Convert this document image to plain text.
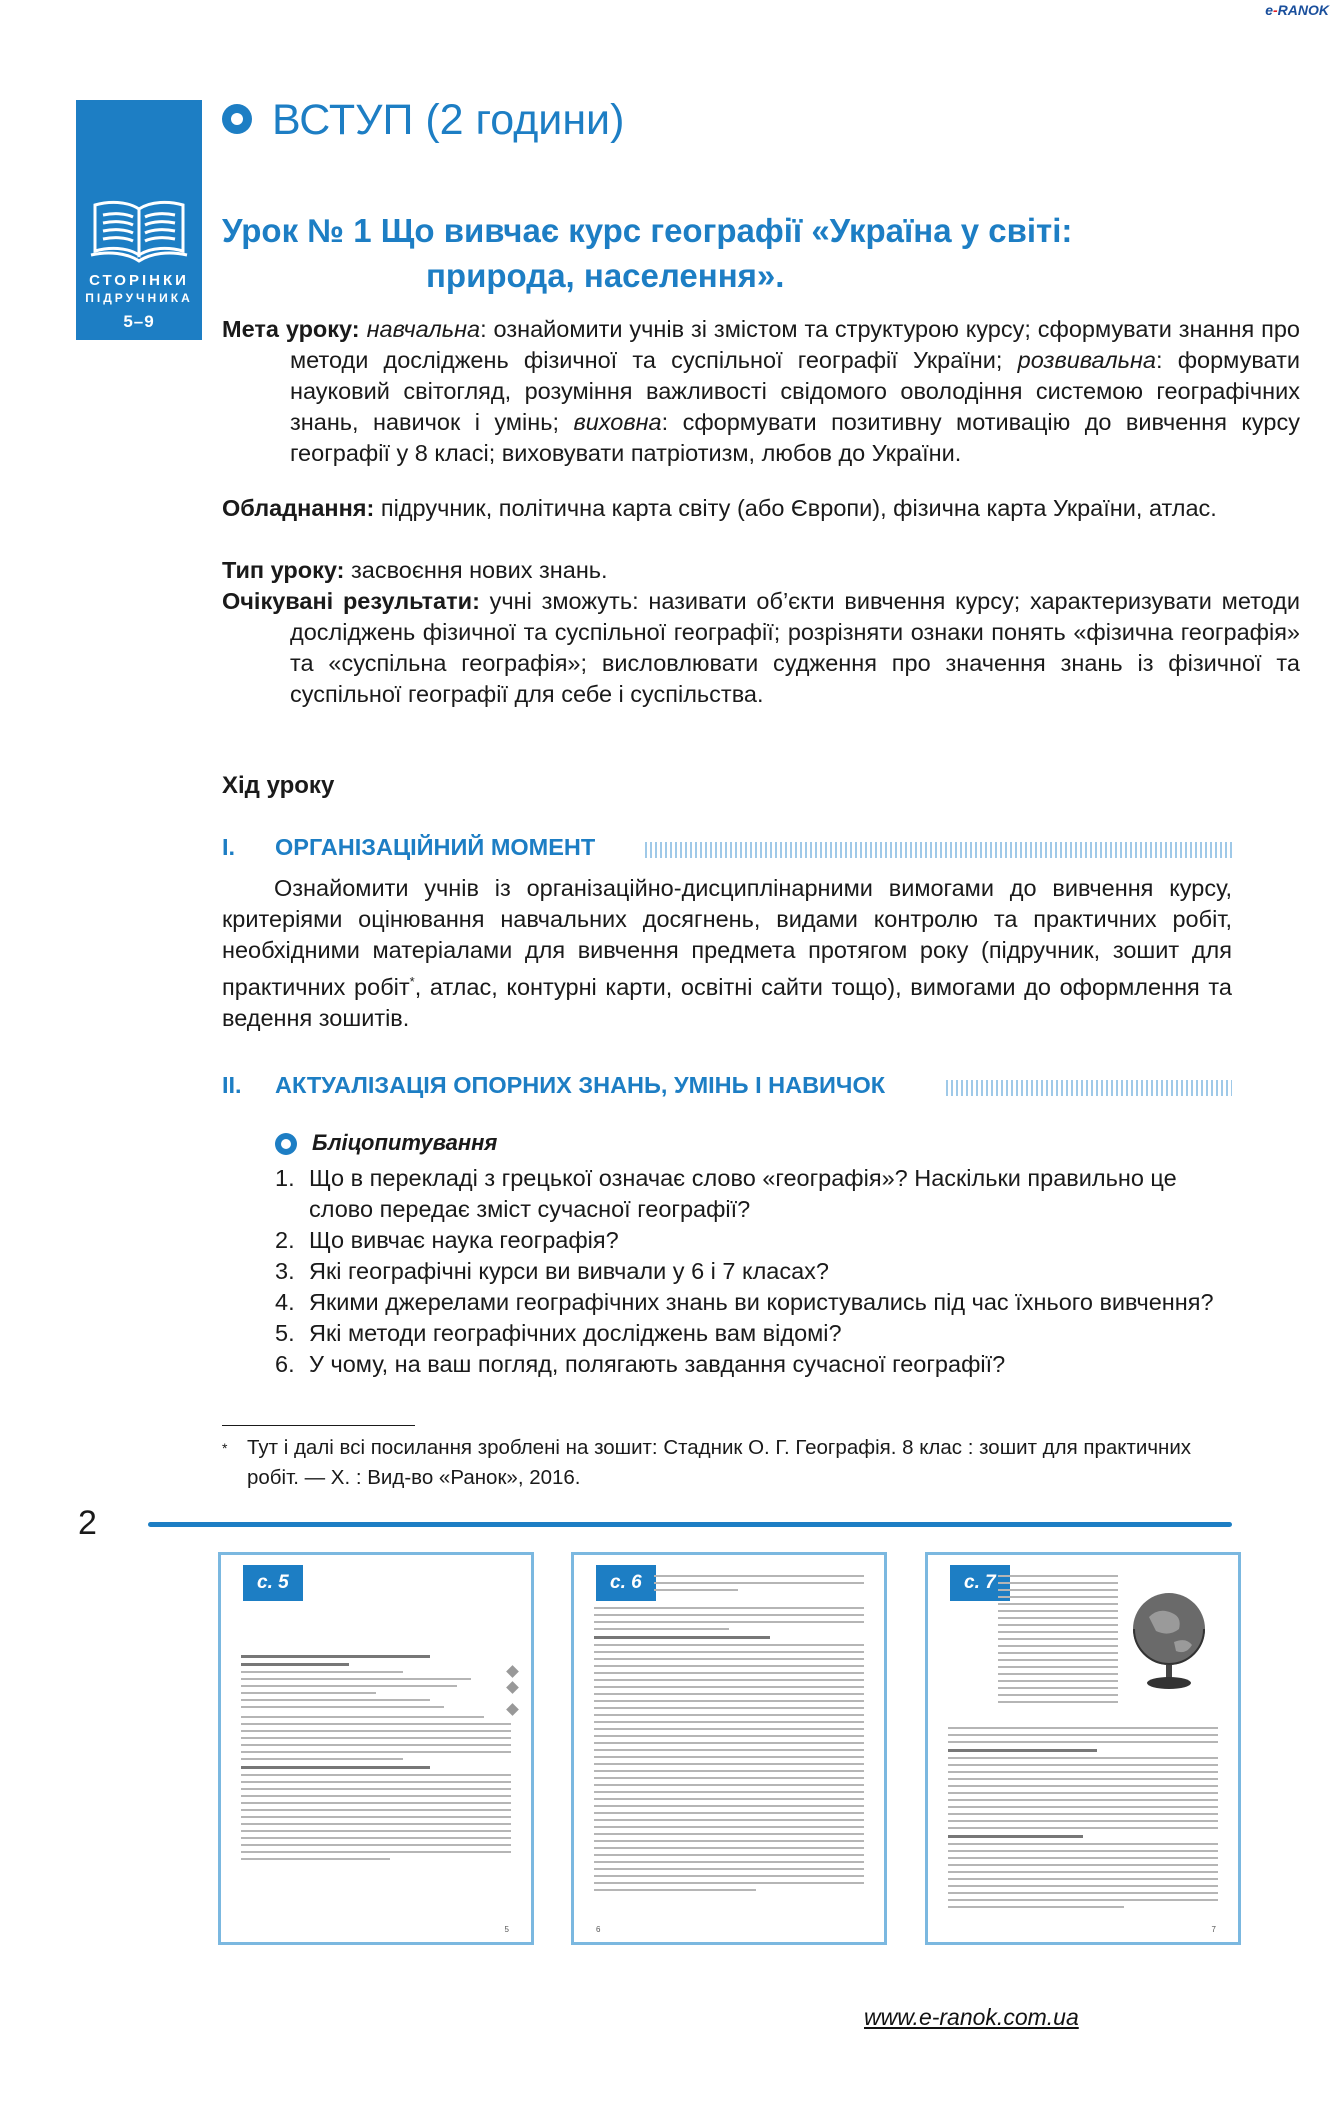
e-RANOK
СТОРІНКИ
ПІДРУЧНИКА
5–9
ВСТУП (2 години)
Урок № 1 Що вивчає курс географії «Україна у світі:
природа, населення».
Мета уроку: навчальна: ознайомити учнів зі змістом та структурою курсу; сформувати знання про методи досліджень фізичної та суспільної географії України; розвивальна: формувати науковий світогляд, розуміння важливості свідомого оволодіння системою географічних знань, навичок і умінь; виховна: сформувати позитивну мотивацію до вивчення курсу географії у 8 класі; виховувати патріотизм, любов до України.
Обладнання: підручник, політична карта світу (або Європи), фізична карта України, атлас.
Тип уроку: засвоєння нових знань.
Очікувані результати: учні зможуть: називати об’єкти вивчення курсу; характеризувати методи досліджень фізичної та суспільної географії; розрізняти ознаки понять «фізична географія» та «суспільна географія»; висловлювати судження про значення знань із фізичної та суспільної географії для себе і суспільства.
Хід уроку
I. ОРГАНІЗАЦІЙНИЙ МОМЕНТ
Ознайомити учнів із організаційно-дисциплінарними вимогами до вивчення курсу, критеріями оцінювання навчальних досягнень, видами контролю та практичних робіт, необхідними матеріалами для вивчення предмета протягом року (підручник, зошит для практичних робіт*, атлас, контурні карти, освітні сайти тощо), вимогами до оформлення та ведення зошитів.
II. АКТУАЛІЗАЦІЯ ОПОРНИХ ЗНАНЬ, УМІНЬ І НАВИЧОК
Бліцопитування
1. Що в перекладі з грецької означає слово «географія»? Наскільки правильно це слово передає зміст сучасної географії?
2. Що вивчає наука географія?
3. Які географічні курси ви вивчали у 6 і 7 класах?
4. Якими джерелами географічних знань ви користувались під час їхнього вивчення?
5. Які методи географічних досліджень вам відомі?
6. У чому, на ваш погляд, полягають завдання сучасної географії?
* Тут і далі всі посилання зроблені на зошит: Стадник О. Г. Географія. 8 клас : зошит для практичних робіт. — Х. : Вид-во «Ранок», 2016.
2
с. 5
5
с. 6
6
с. 7
7
www.e-ranok.com.ua
